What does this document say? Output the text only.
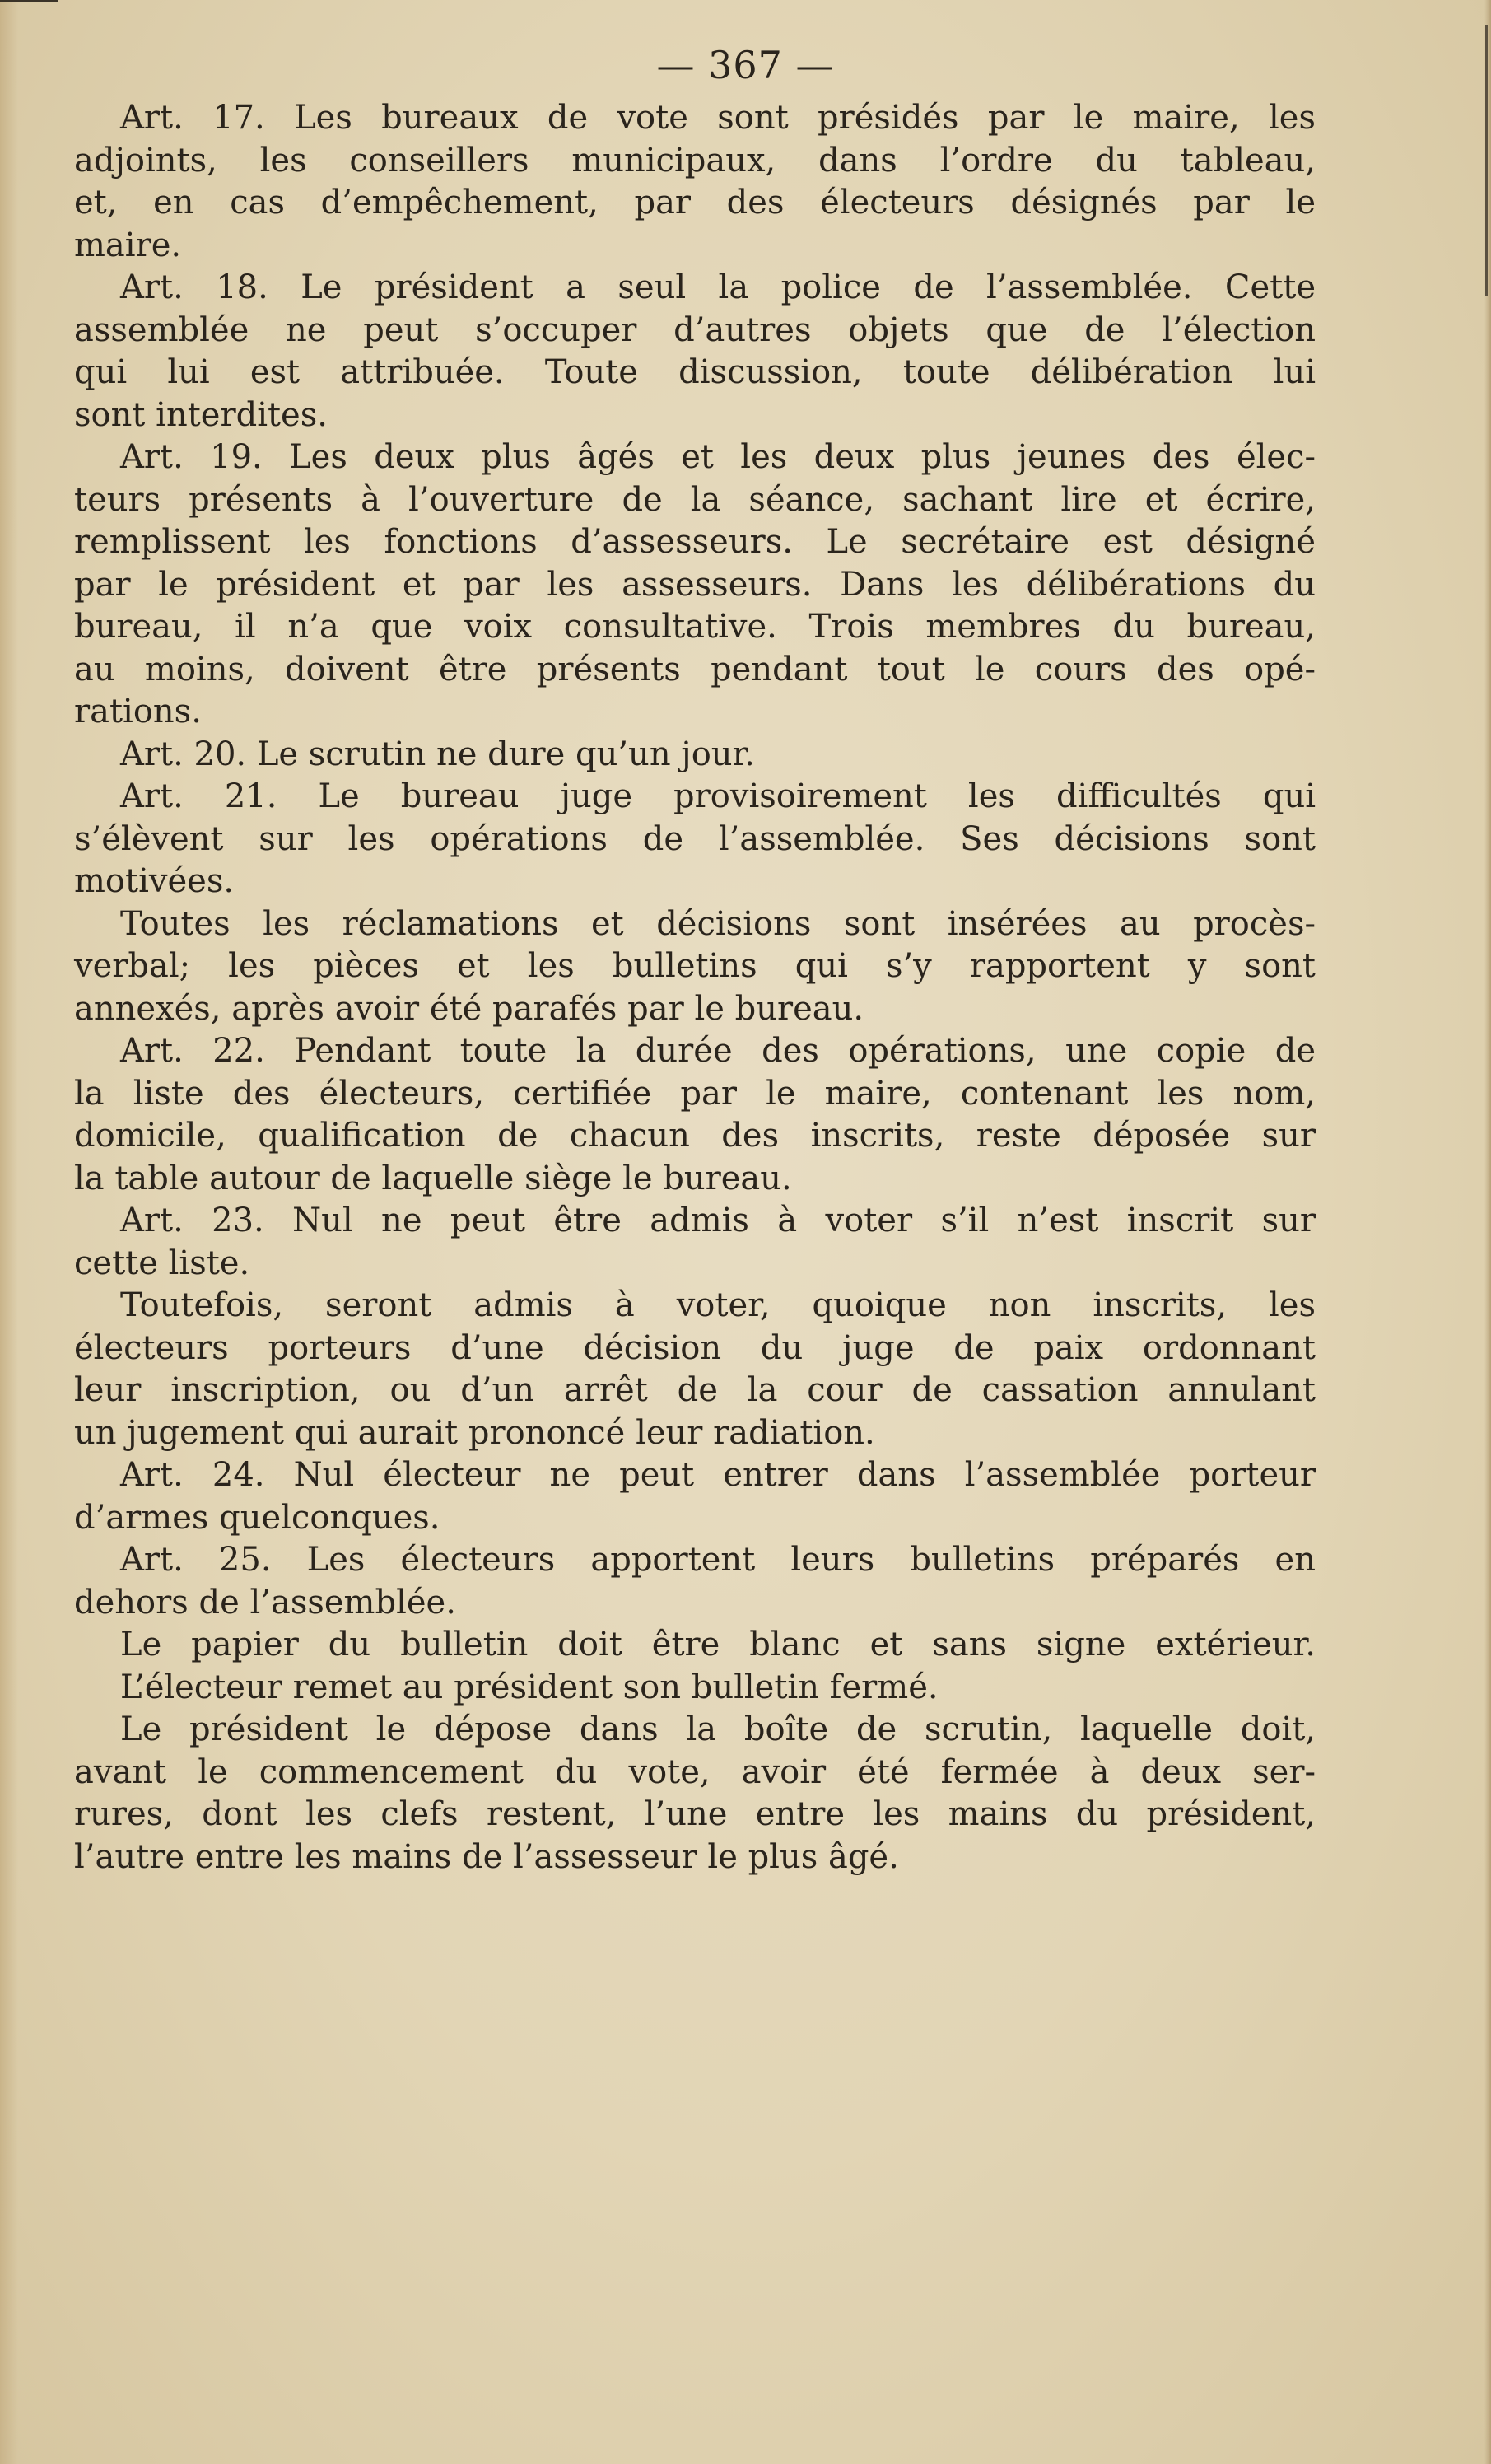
— 367 —
Art. 17. Les bureaux de vote sont présidés par le maire, les
adjoints, les conseillers municipaux, dans l’ordre du tableau,
et, en cas d’empêchement, par des électeurs désignés par le
maire.
Art. 18. Le président a seul la police de l’assemblée. Cette
assemblée ne peut s’occuper d’autres objets que de l’élection
qui lui est attribuée. Toute discussion, toute délibération lui
sont interdites.
Art. 19. Les deux plus âgés et les deux plus jeunes des élec-
teurs présents à l’ouverture de la séance, sachant lire et écrire,
remplissent les fonctions d’assesseurs. Le secrétaire est désigné
par le président et par les assesseurs. Dans les délibérations du
bureau, il n’a que voix consultative. Trois membres du bureau,
au moins, doivent être présents pendant tout le cours des opé-
rations.
Art. 20. Le scrutin ne dure qu’un jour.
Art. 21. Le bureau juge provisoirement les difficultés qui
s’élèvent sur les opérations de l’assemblée. Ses décisions sont
motivées.
Toutes les réclamations et décisions sont insérées au procès-
verbal; les pièces et les bulletins qui s’y rapportent y sont
annexés, après avoir été parafés par le bureau.
Art. 22. Pendant toute la durée des opérations, une copie de
la liste des électeurs, certifiée par le maire, contenant les nom,
domicile, qualification de chacun des inscrits, reste déposée sur
la table autour de laquelle siège le bureau.
Art. 23. Nul ne peut être admis à voter s’il n’est inscrit sur
cette liste.
Toutefois, seront admis à voter, quoique non inscrits, les
électeurs porteurs d’une décision du juge de paix ordonnant
leur inscription, ou d’un arrêt de la cour de cassation annulant
un jugement qui aurait prononcé leur radiation.
Art. 24. Nul électeur ne peut entrer dans l’assemblée porteur
d’armes quelconques.
Art. 25. Les électeurs apportent leurs bulletins préparés en
dehors de l’assemblée.
Le papier du bulletin doit être blanc et sans signe extérieur.
L’électeur remet au président son bulletin fermé.
Le président le dépose dans la boîte de scrutin, laquelle doit,
avant le commencement du vote, avoir été fermée à deux ser-
rures, dont les clefs restent, l’une entre les mains du président,
l’autre entre les mains de l’assesseur le plus âgé.
